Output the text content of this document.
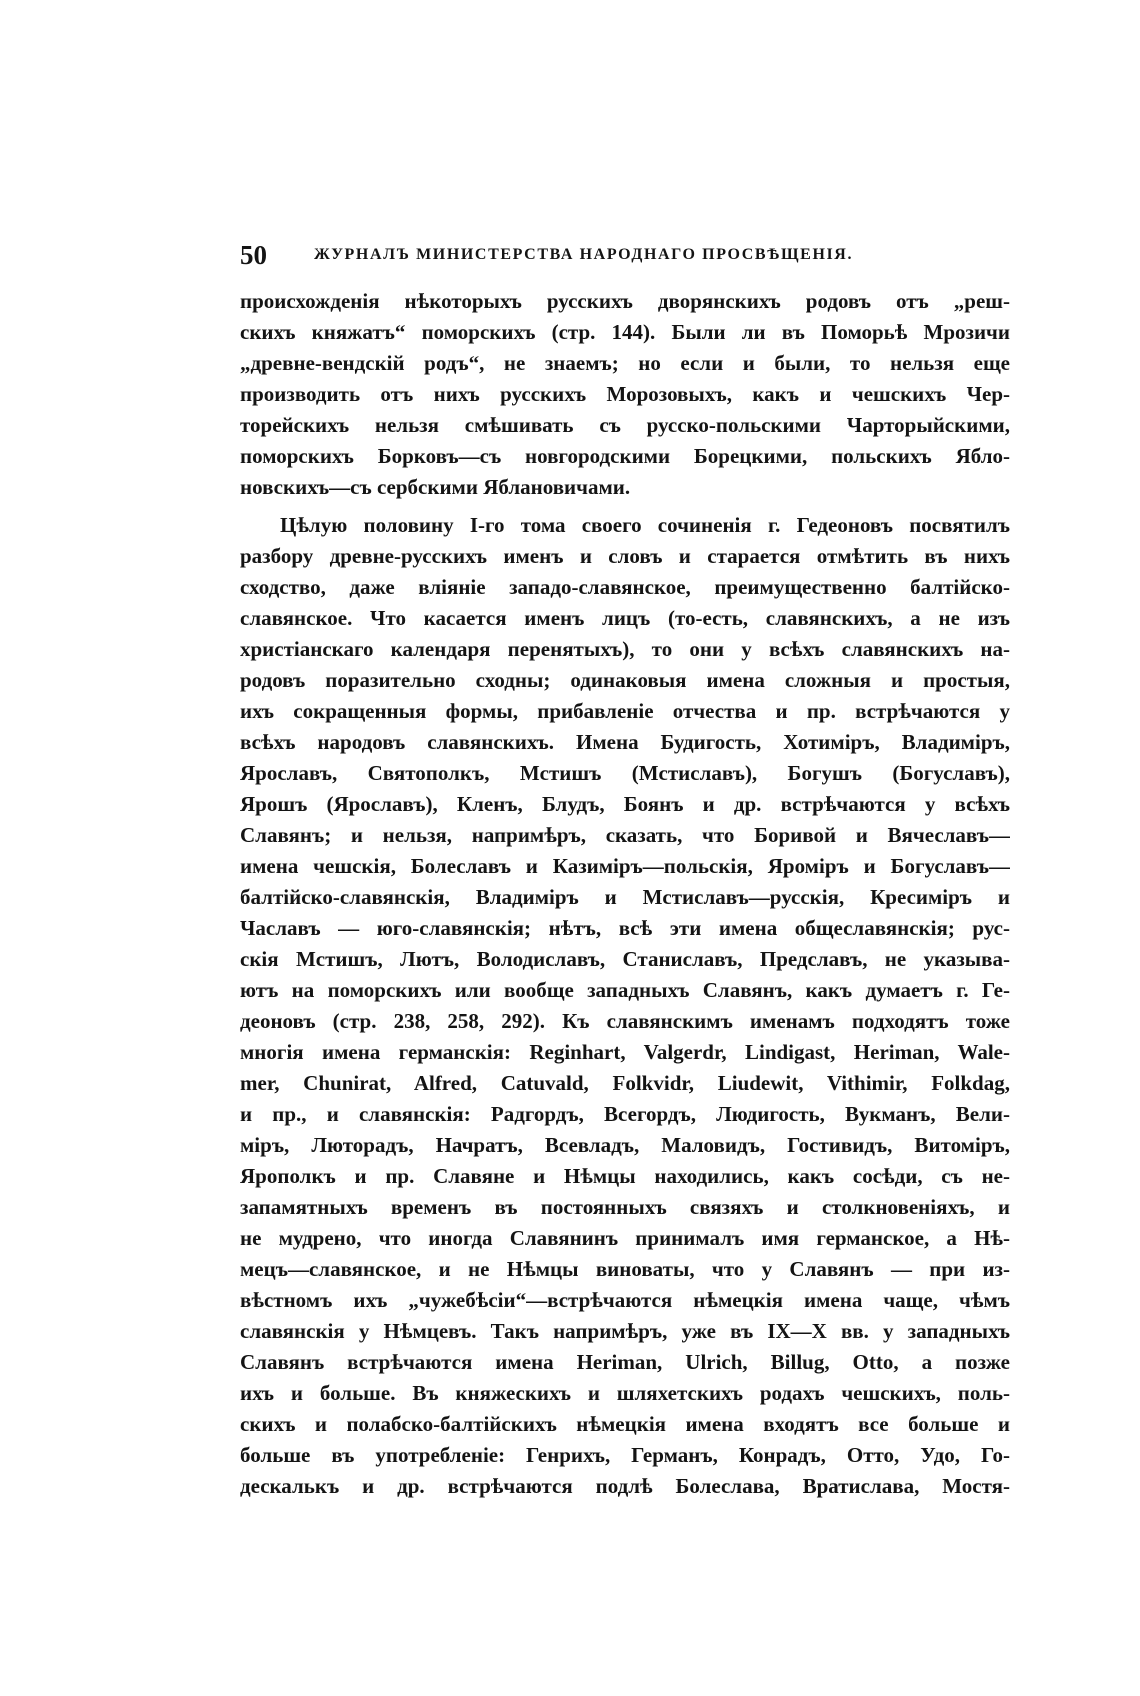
50	ЖУРНАЛЪ МИНИСТЕРСТВА НАРОДНАГО ПРОСВѢЩЕНІЯ.
происхожденія нѣкоторыхъ русскихъ дворянскихъ родовъ отъ „реш-
скихъ княжатъ“ поморскихъ (стр. 144). Были ли въ Поморьѣ Мрозичи
„древне-вендскій родъ“, не знаемъ; но если и были, то нельзя еще
производить отъ нихъ русскихъ Морозовыхъ, какъ и чешскихъ Чер-
торейскихъ нельзя смѣшивать съ русско-польскими Чарторыйскими,
поморскихъ Борковъ—съ новгородскими Борецкими, польскихъ Ябло-
новскихъ—съ сербскими Яблановичами.
Цѣлую половину I-го тома своего сочиненія г. Гедеоновъ посвятилъ
разбору древне-русскихъ именъ и словъ и старается отмѣтить въ нихъ
сходство, даже вліяніе западо-славянское, преимущественно балтійско-
славянское. Что касается именъ лицъ (то-есть, славянскихъ, а не изъ
христіанскаго календаря перенятыхъ), то они у всѣхъ славянскихъ на-
родовъ поразительно сходны; одинаковыя имена сложныя и простыя,
ихъ сокращенныя формы, прибавленіе отчества и пр. встрѣчаются у
всѣхъ народовъ славянскихъ. Имена Будигость, Хотиміръ, Владиміръ,
Ярославъ, Святополкъ, Мстишъ (Мстиславъ), Богушъ (Богуславъ),
Ярошъ (Ярославъ), Кленъ, Блудъ, Боянъ и др. встрѣчаются у всѣхъ
Славянъ; и нельзя, напримѣръ, сказать, что Боривой и Вячеславъ—
имена чешскія, Болеславъ и Казиміръ—польскія, Яроміръ и Богуславъ—
балтійско-славянскія, Владиміръ и Мстиславъ—русскія, Кресиміръ и
Чаславъ — юго-славянскія; нѣтъ, всѣ эти имена общеславянскія; рус-
скія Мстишъ, Лютъ, Володиславъ, Станиславъ, Предславъ, не указыва-
ютъ на поморскихъ или вообще западныхъ Славянъ, какъ думаетъ г. Ге-
деоновъ (стр. 238, 258, 292). Къ славянскимъ именамъ подходятъ тоже
многія имена германскія: Reginhart, Valgerdr, Lindigast, Heriman, Wale-
mer, Chunirat, Alfred, Catuvald, Folkvidr, Liudewit, Vithimir, Folkdag,
и пр., и славянскія: Радгордъ, Всегордъ, Людигость, Вукманъ, Вели-
міръ, Люторадъ, Начратъ, Всевладъ, Маловидъ, Гостивидъ, Витоміръ,
Ярополкъ и пр. Славяне и Нѣмцы находились, какъ сосѣди, съ не-
запамятныхъ временъ въ постоянныхъ связяхъ и столкновеніяхъ, и
не мудрено, что иногда Славянинъ принималъ имя германское, а Нѣ-
мецъ—славянское, и не Нѣмцы виноваты, что у Славянъ — при из-
вѣстномъ ихъ „чужебѣсіи“—встрѣчаются нѣмецкія имена чаще, чѣмъ
славянскія у Нѣмцевъ. Такъ напримѣръ, уже въ IX—X вв. у западныхъ
Славянъ встрѣчаются имена Heriman, Ulrich, Billug, Otto, а позже
ихъ и больше. Въ княжескихъ и шляхетскихъ родахъ чешскихъ, поль-
скихъ и полабско-балтійскихъ нѣмецкія имена входятъ все больше и
больше въ употребленіе: Генрихъ, Германъ, Конрадъ, Отто, Удо, Го-
дескалькъ и др. встрѣчаются подлѣ Болеслава, Вратислава, Мостя-
